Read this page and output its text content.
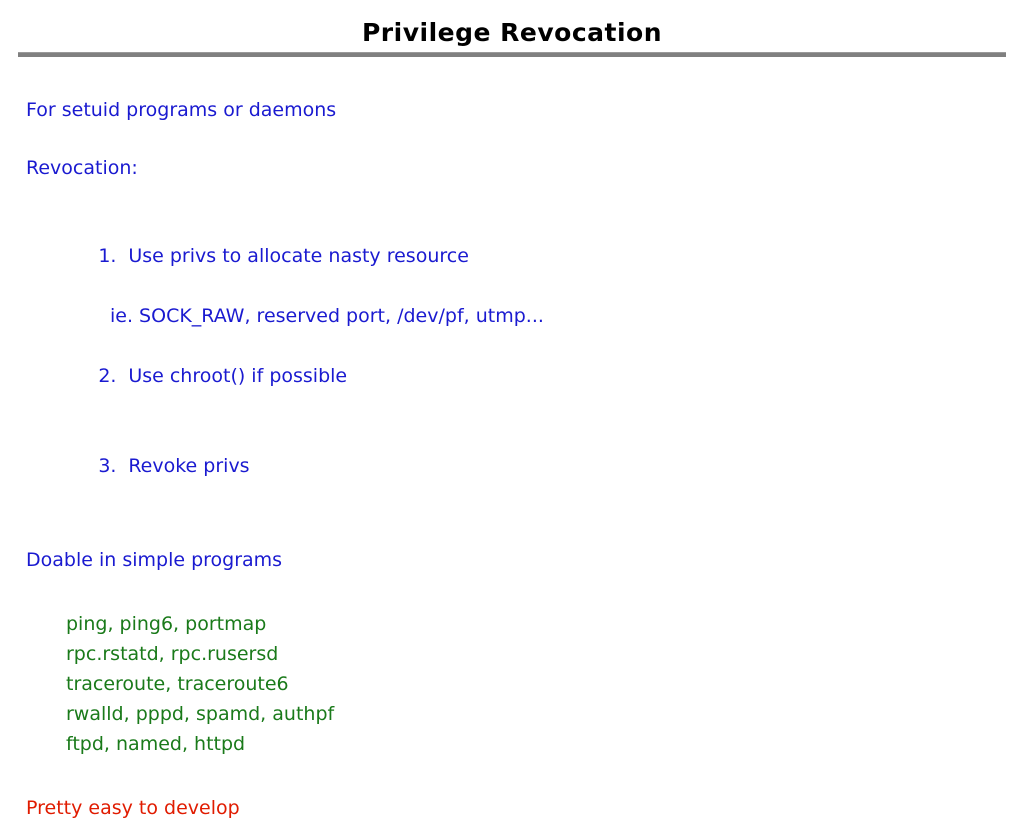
Privilege Revocation
For setuid programs or daemons
Revocation:

1. Use privs to allocate nasty resource

ie. SOCK_RAW, reserved port, /dev/pf, utmp...

2. Use chroot() if possible

3. Revoke privs

Doable in simple programs
ping, ping6, portmap
rpc.rstatd, rpc.rusersd
traceroute, traceroute6
rwalld, pppd, spamd, authpf
ftpd, named, httpd
Pretty easy to develop
